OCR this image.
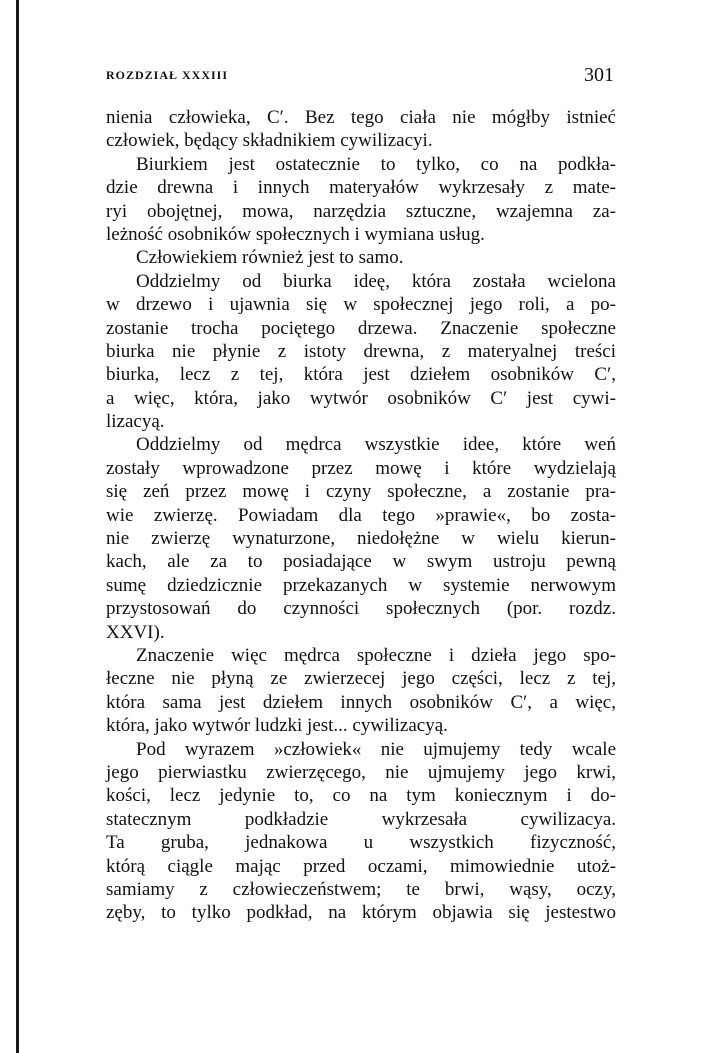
ROZDZIAŁ XXXIII	301
nienia człowieka, C′. Bez tego ciała nie mógłby istnieć
człowiek, będący składnikiem cywilizacyi.
Biurkiem jest ostatecznie to tylko, co na podkła-
dzie drewna i innych materyałów wykrzesały z mate-
ryi obojętnej, mowa, narzędzia sztuczne, wzajemna za-
leżność osobników społecznych i wymiana usług.
Człowiekiem również jest to samo.
Oddzielmy od biurka ideę, która została wcielona
w drzewo i ujawnia się w społecznej jego roli, a po-
zostanie trocha pociętego drzewa. Znaczenie społeczne
biurka nie płynie z istoty drewna, z materyalnej treści
biurka, lecz z tej, która jest dziełem osobników C′,
a więc, która, jako wytwór osobników C′ jest cywi-
lizacyą.
Oddzielmy od mędrca wszystkie idee, które weń
zostały wprowadzone przez mowę i które wydzielają
się zeń przez mowę i czyny społeczne, a zostanie pra-
wie zwierzę. Powiadam dla tego »prawie«, bo zosta-
nie zwierzę wynaturzone, niedołężne w wielu kierun-
kach, ale za to posiadające w swym ustroju pewną
sumę dziedzicznie przekazanych w systemie nerwowym
przystosowań do czynności społecznych (por. rozdz.
XXVI).
Znaczenie więc mędrca społeczne i dzieła jego spo-
łeczne nie płyną ze zwierzecej jego części, lecz z tej,
która sama jest dziełem innych osobników C′, a więc,
która, jako wytwór ludzki jest... cywilizacyą.
Pod wyrazem »człowiek« nie ujmujemy tedy wcale
jego pierwiastku zwierzęcego, nie ujmujemy jego krwi,
kości, lecz jedynie to, co na tym koniecznym i do-
statecznym podkładzie wykrzesała cywilizacya.
Ta gruba, jednakowa u wszystkich fizyczność,
którą ciągle mając przed oczami, mimowiednie utoż-
samiamy z człowieczeństwem; te brwi, wąsy, oczy,
zęby, to tylko podkład, na którym objawia się jestestwo
